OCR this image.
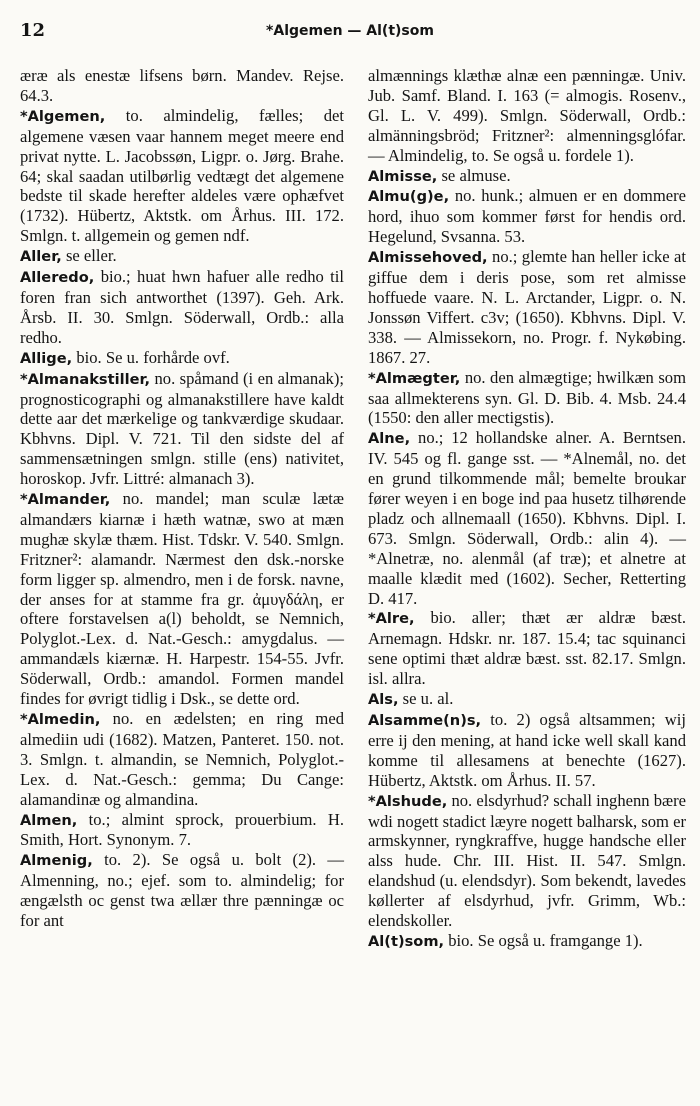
12	*Algemen — Al(t)som

æræ als enestæ lifsens børn. Mandev. Rejse. 64.3.

*Algemen, to. almindelig, fælles; det algemene væsen vaar hannem meget meere end privat nytte. L. Jacobssøn, Ligpr. o. Jørg. Brahe. 64; skal saadan utilbørlig vedtægt det algemene bedste til skade herefter aldeles være ophæfvet (1732). Hübertz, Aktstk. om Århus. III. 172. Smlgn. t. allgemein og gemen ndf.

Aller, se eller.

Alleredo, bio.; huat hwn hafuer alle redho til foren fran sich antworthet (1397). Geh. Ark. Årsb. II. 30. Smlgn. Söderwall, Ordb.: alla redho.

Allige, bio. Se u. forhårde ovf.

*Almanakstiller, no. spåmand (i en almanak); prognosticographi og almanakstillere have kaldt dette aar det mærkelige og tankværdige skudaar. Kbhvns. Dipl. V. 721. Til den sidste del af sammensætningen smlgn. stille (ens) nativitet, horoskop. Jvfr. Littré: almanach 3).

*Almander, no. mandel; man sculæ lætæ almandærs kiarnæ i hæth watnæ, swo at mæn mughæ skylæ thæm. Hist. Tdskr. V. 540. Smlgn. Fritzner²: alamandr. Nærmest den dsk.-norske form ligger sp. almendro, men i de forsk. navne, der anses for at stamme fra gr. ἀμυγδάλη, er oftere forstavelsen a(l) beholdt, se Nemnich, Polyglot.-Lex. d. Nat.-Gesch.: amygdalus. — ammandæls kiærnæ. H. Harpestr. 154-55. Jvfr. Söderwall, Ordb.: amandol. Formen mandel findes for øvrigt tidlig i Dsk., se dette ord.

*Almedin, no. en ædelsten; en ring med almediin udi (1682). Matzen, Panteret. 150. not. 3. Smlgn. t. almandin, se Nemnich, Polyglot.-Lex. d. Nat.-Gesch.: gemma; Du Cange: alamandinæ og almandina.

Almen, to.; almint sprock, prouerbium. H. Smith, Hort. Synonym. 7.

Almenig, to. 2). Se også u. bolt (2). — Almenning, no.; ejef. som to. almindelig; for ængælsth oc genst twa ællær thre pænningæ oc for ant

almænnings klæthæ alnæ een pænningæ. Univ. Jub. Samf. Bland. I. 163 (= almogis. Rosenv., Gl. L. V. 499). Smlgn. Söderwall, Ordb.: almänningsbröd; Fritzner²: almenningsglófar. — Almindelig, to. Se også u. fordele 1).

Almisse, se almuse.

Almu(g)e, no. hunk.; almuen er en dommere hord, ihuo som kommer først for hendis ord. Hegelund, Svsanna. 53.

Almissehoved, no.; glemte han heller icke at giffue dem i deris pose, som ret almisse hoffuede vaare. N. L. Arctander, Ligpr. o. N. Jonssøn Viffert. c3v; (1650). Kbhvns. Dipl. V. 338. — Almissekorn, no. Progr. f. Nykøbing. 1867. 27.

*Almægter, no. den almægtige; hwilkæn som saa allmekterens syn. Gl. D. Bib. 4. Msb. 24.4 (1550: den aller mectigstis).

Alne, no.; 12 hollandske alner. A. Berntsen. IV. 545 og fl. gange sst. — *Alnemål, no. det en grund tilkommende mål; bemelte broukar fører weyen i en boge ind paa husetz tilhørende pladz och allnemaall (1650). Kbhvns. Dipl. I. 673. Smlgn. Söderwall, Ordb.: alin 4). — *Alnetræ, no. alenmål (af træ); et alnetre at maalle klædit med (1602). Secher, Retterting D. 417.

*Alre, bio. aller; thæt ær aldræ bæst. Arnemagn. Hdskr. nr. 187. 15.4; tac squinanci sene optimi thæt aldræ bæst. sst. 82.17. Smlgn. isl. allra.

Als, se u. al.

Alsamme(n)s, to. 2) også altsammen; wij erre ij den mening, at hand icke well skall kand komme til allesamens at benechte (1627). Hübertz, Aktstk. om Århus. II. 57.

*Alshude, no. elsdyrhud? schall inghenn bære wdi nogett stadict læyre nogett balharsk, som er armskynner, ryngkraffve, hugge handsche eller alss hude. Chr. III. Hist. II. 547. Smlgn. elandshud (u. elendsdyr). Som bekendt, lavedes køllerter af elsdyrhud, jvfr. Grimm, Wb.: elendskoller.

Al(t)som, bio. Se også u. framgange 1).
